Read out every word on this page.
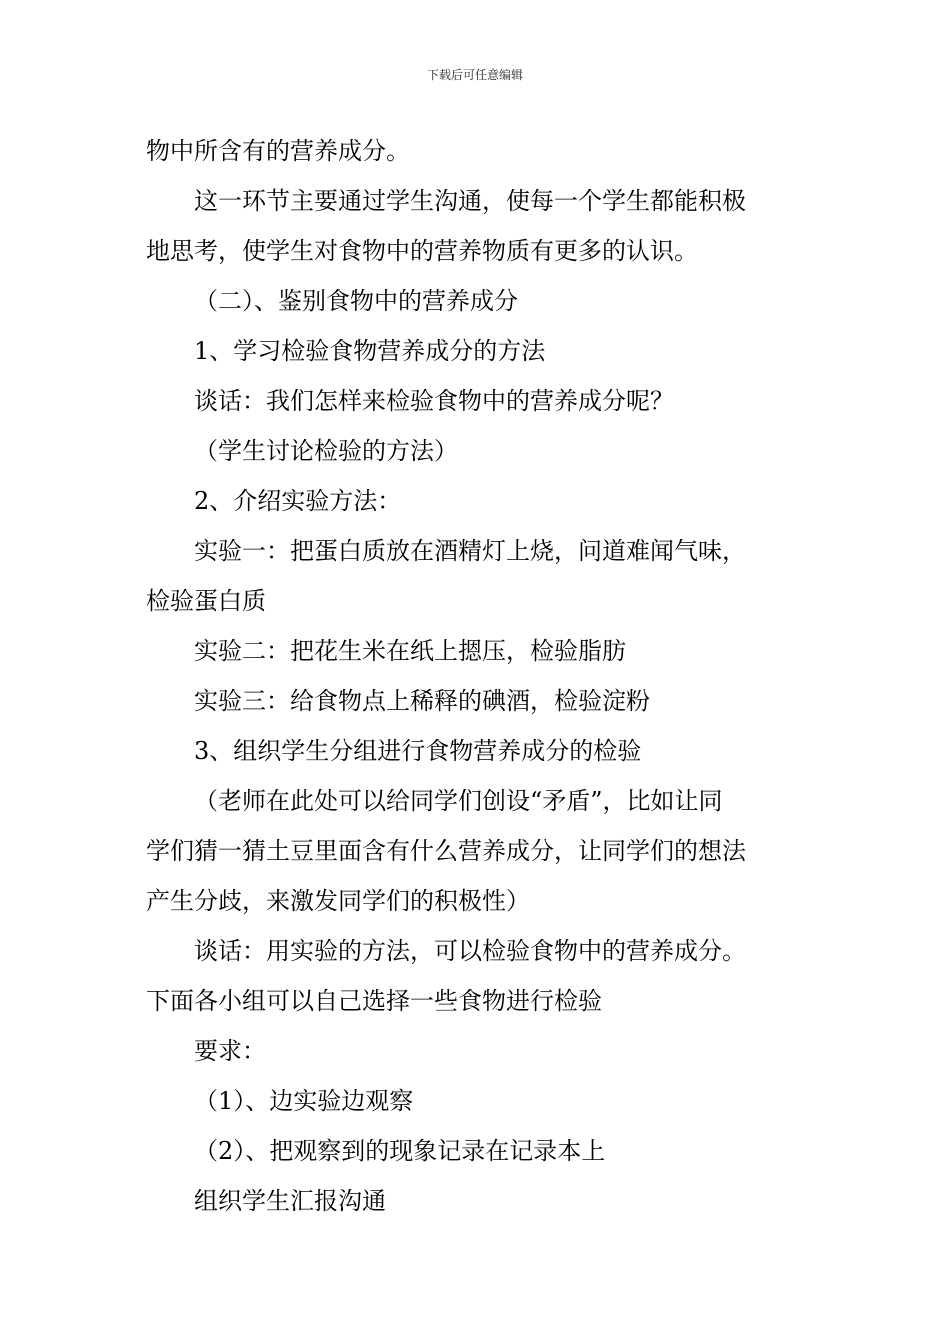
下载后可任意编辑
物中所含有的营养成分。
这一环节主要通过学生沟通，使每一个学生都能积极
地思考，使学生对食物中的营养物质有更多的认识。
（二）、鉴别食物中的营养成分
1、学习检验食物营养成分的方法
谈话：我们怎样来检验食物中的营养成分呢？
（学生讨论检验的方法）
2、介绍实验方法：
实验一：把蛋白质放在酒精灯上烧，问道难闻气味，
检验蛋白质
实验二：把花生米在纸上摁压，检验脂肪
实验三：给食物点上稀释的碘酒，检验淀粉
3、组织学生分组进行食物营养成分的检验
（老师在此处可以给同学们创设“矛盾”，比如让同
学们猜一猜土豆里面含有什么营养成分，让同学们的想法
产生分歧，来激发同学们的积极性）
谈话：用实验的方法，可以检验食物中的营养成分。
下面各小组可以自己选择一些食物进行检验
要求：
（1）、边实验边观察
（2）、把观察到的现象记录在记录本上
组织学生汇报沟通
